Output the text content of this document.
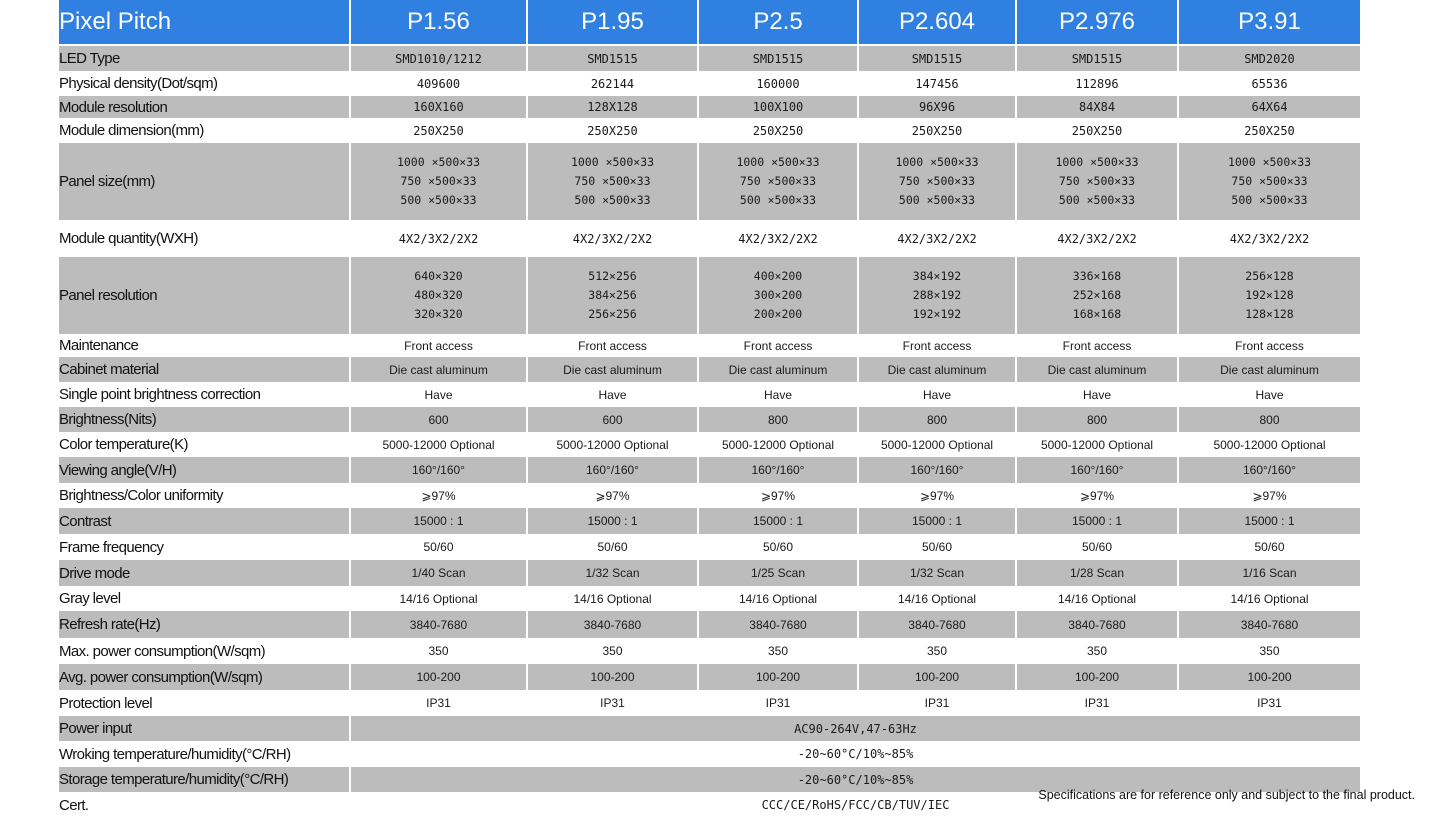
Pixel Pitch	P1.56	P1.95	P2.5	P2.604	P2.976	P3.91
LED Type	SMD1010/1212	SMD1515	SMD1515	SMD1515	SMD1515	SMD2020
Physical density(Dot/sqm)	409600	262144	160000	147456	112896	65536
Module resolution	160X160	128X128	100X100	96X96	84X84	64X64
Module dimension(mm)	250X250	250X250	250X250	250X250	250X250	250X250
Panel size(mm)	1000 ×500×33
750 ×500×33
500 ×500×33	1000 ×500×33
750 ×500×33
500 ×500×33	1000 ×500×33
750 ×500×33
500 ×500×33	1000 ×500×33
750 ×500×33
500 ×500×33	1000 ×500×33
750 ×500×33
500 ×500×33	1000 ×500×33
750 ×500×33
500 ×500×33

Module quantity(WXH)	4X2/3X2/2X2	4X2/3X2/2X2	4X2/3X2/2X2	4X2/3X2/2X2	4X2/3X2/2X2	4X2/3X2/2X2
Panel resolution	640×320
480×320
320×320	512×256
384×256
256×256	400×200
300×200
200×200	384×192
288×192
192×192	336×168
252×168
168×168	256×128
192×128
128×128

Maintenance	Front access	Front access	Front access	Front access	Front access	Front access
Cabinet material	Die cast aluminum	Die cast aluminum	Die cast aluminum	Die cast aluminum	Die cast aluminum	Die cast aluminum
Single point brightness correction	Have	Have	Have	Have	Have	Have
Brightness(Nits)	600	600	800	800	800	800
Color temperature(K)	5000-12000 Optional	5000-12000 Optional	5000-12000 Optional	5000-12000 Optional	5000-12000 Optional	5000-12000 Optional
Viewing angle(V/H)	160°/160°	160°/160°	160°/160°	160°/160°	160°/160°	160°/160°
Brightness/Color uniformity	⩾97%	⩾97%	⩾97%	⩾97%	⩾97%	⩾97%
Contrast	15000 : 1	15000 : 1	15000 : 1	15000 : 1	15000 : 1	15000 : 1
Frame frequency	50/60	50/60	50/60	50/60	50/60	50/60
Drive mode	1/40 Scan	1/32 Scan	1/25 Scan	1/32 Scan	1/28 Scan	1/16 Scan
Gray level	14/16 Optional	14/16 Optional	14/16 Optional	14/16 Optional	14/16 Optional	14/16 Optional
Refresh rate(Hz)	3840-7680	3840-7680	3840-7680	3840-7680	3840-7680	3840-7680
Max. power consumption(W/sqm)	350	350	350	350	350	350
Avg. power consumption(W/sqm)	100-200	100-200	100-200	100-200	100-200	100-200
Protection level	IP31	IP31	IP31	IP31	IP31	IP31
Power input	AC90-264V,47-63Hz					
Wroking temperature/humidity(°C/RH)	-20~60°C/10%~85%					
Storage temperature/humidity(°C/RH)	-20~60°C/10%~85%					
Cert.	CCC/CE/RoHS/FCC/CB/TUV/IEC					
Specifications are for reference only and subject to the final product.
